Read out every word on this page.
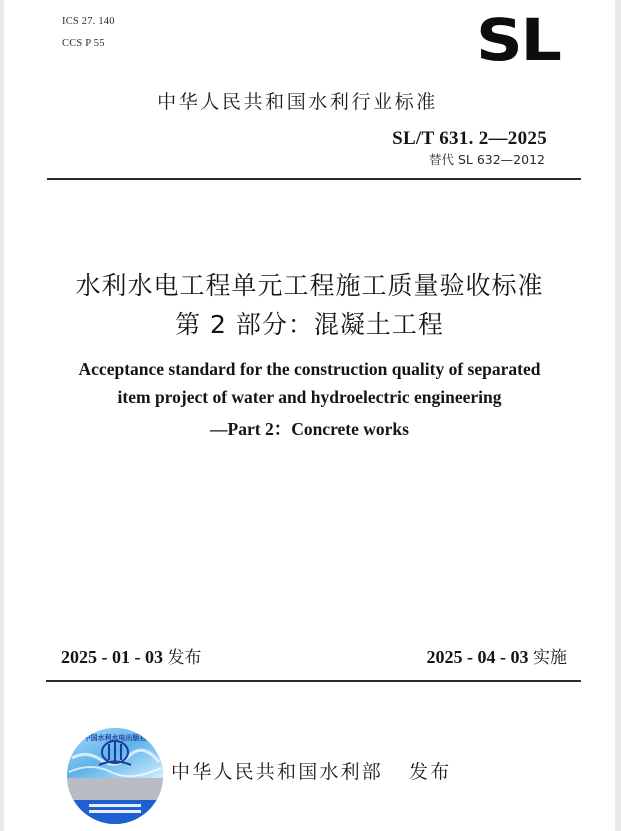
ICS 27. 140
CCS P 55	SL
中华人民共和国水利行业标准
SL/T 631. 2—2025
替代 SL 632—2012
水利水电工程单元工程施工质量验收标准
第 2 部分：混凝土工程
Acceptance standard for the construction quality of separated
item project of water and hydroelectric engineering
—Part 2：Concrete works
2025 - 01 - 03 发布	2025 - 04 - 03 实施
中国水利水电出版社
中华人民共和国水利部 发布
